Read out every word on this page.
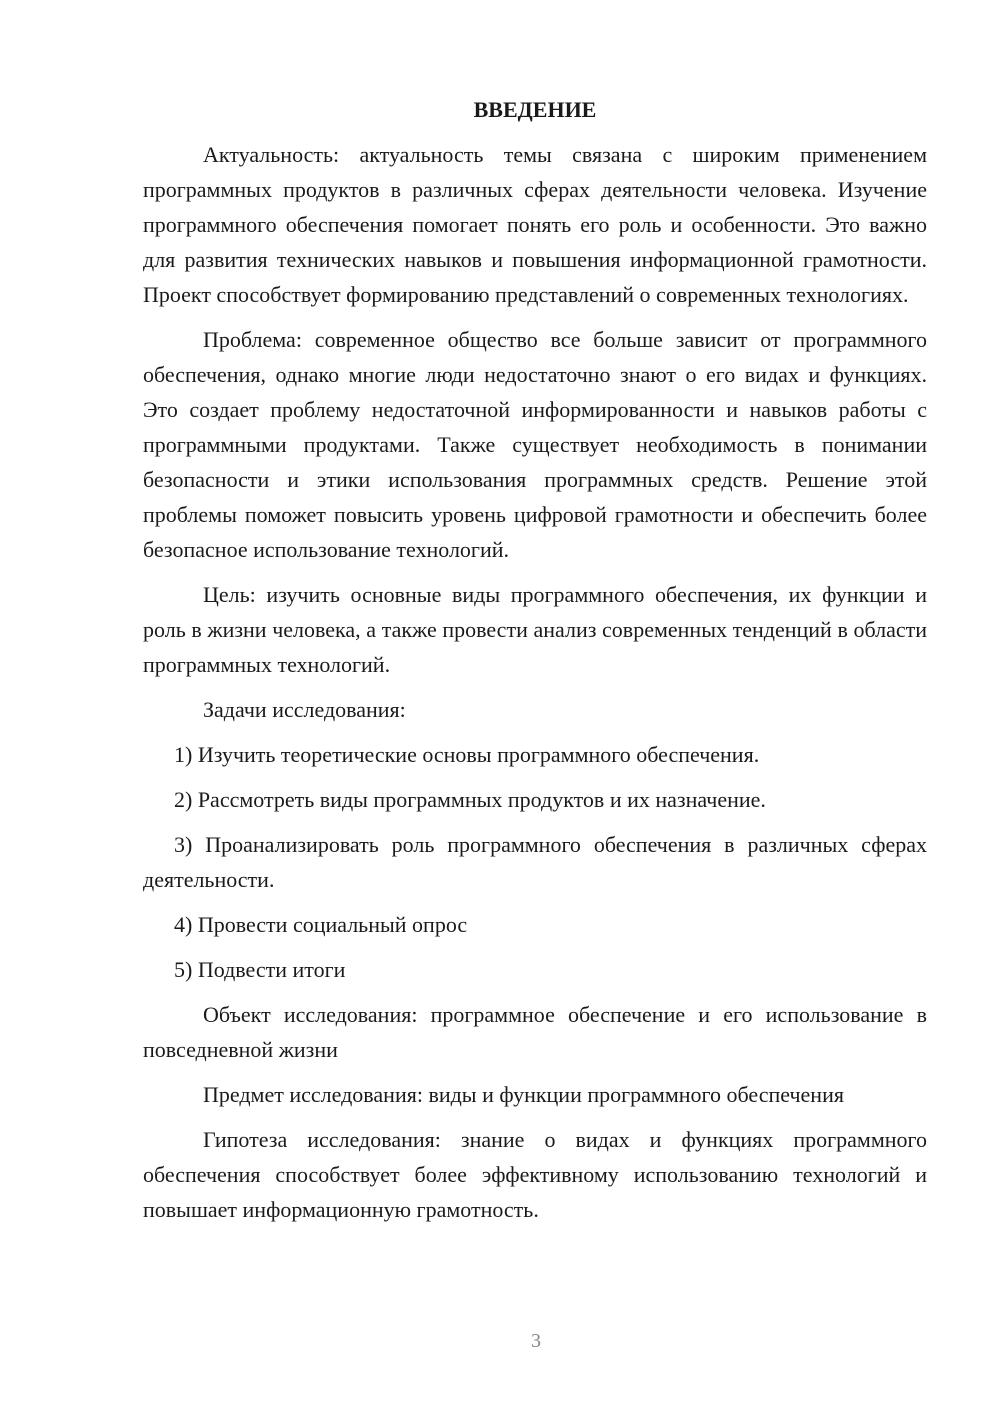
ВВЕДЕНИЕ

Актуальность: актуальность темы связана с широким применением программных продуктов в различных сферах деятельности человека. Изучение программного обеспечения помогает понять его роль и особенности. Это важно для развития технических навыков и повышения информационной грамотности. Проект способствует формированию представлений о современных технологиях.

Проблема: современное общество все больше зависит от программного обеспечения, однако многие люди недостаточно знают о его видах и функциях. Это создает проблему недостаточной информированности и навыков работы с программными продуктами. Также существует необходимость в понимании безопасности и этики использования программных средств. Решение этой проблемы поможет повысить уровень цифровой грамотности и обеспечить более безопасное использование технологий.

Цель: изучить основные виды программного обеспечения, их функции и роль в жизни человека, а также провести анализ современных тенденций в области программных технологий.

Задачи исследования:

1) Изучить теоретические основы программного обеспечения.

2) Рассмотреть виды программных продуктов и их назначение.

3) Проанализировать роль программного обеспечения в различных сферах деятельности.

4) Провести социальный опрос

5) Подвести итоги

Объект исследования: программное обеспечение и его использование в повседневной жизни

Предмет исследования: виды и функции программного обеспечения

Гипотеза исследования: знание о видах и функциях программного обеспечения способствует более эффективному использованию технологий и повышает информационную грамотность.

3
